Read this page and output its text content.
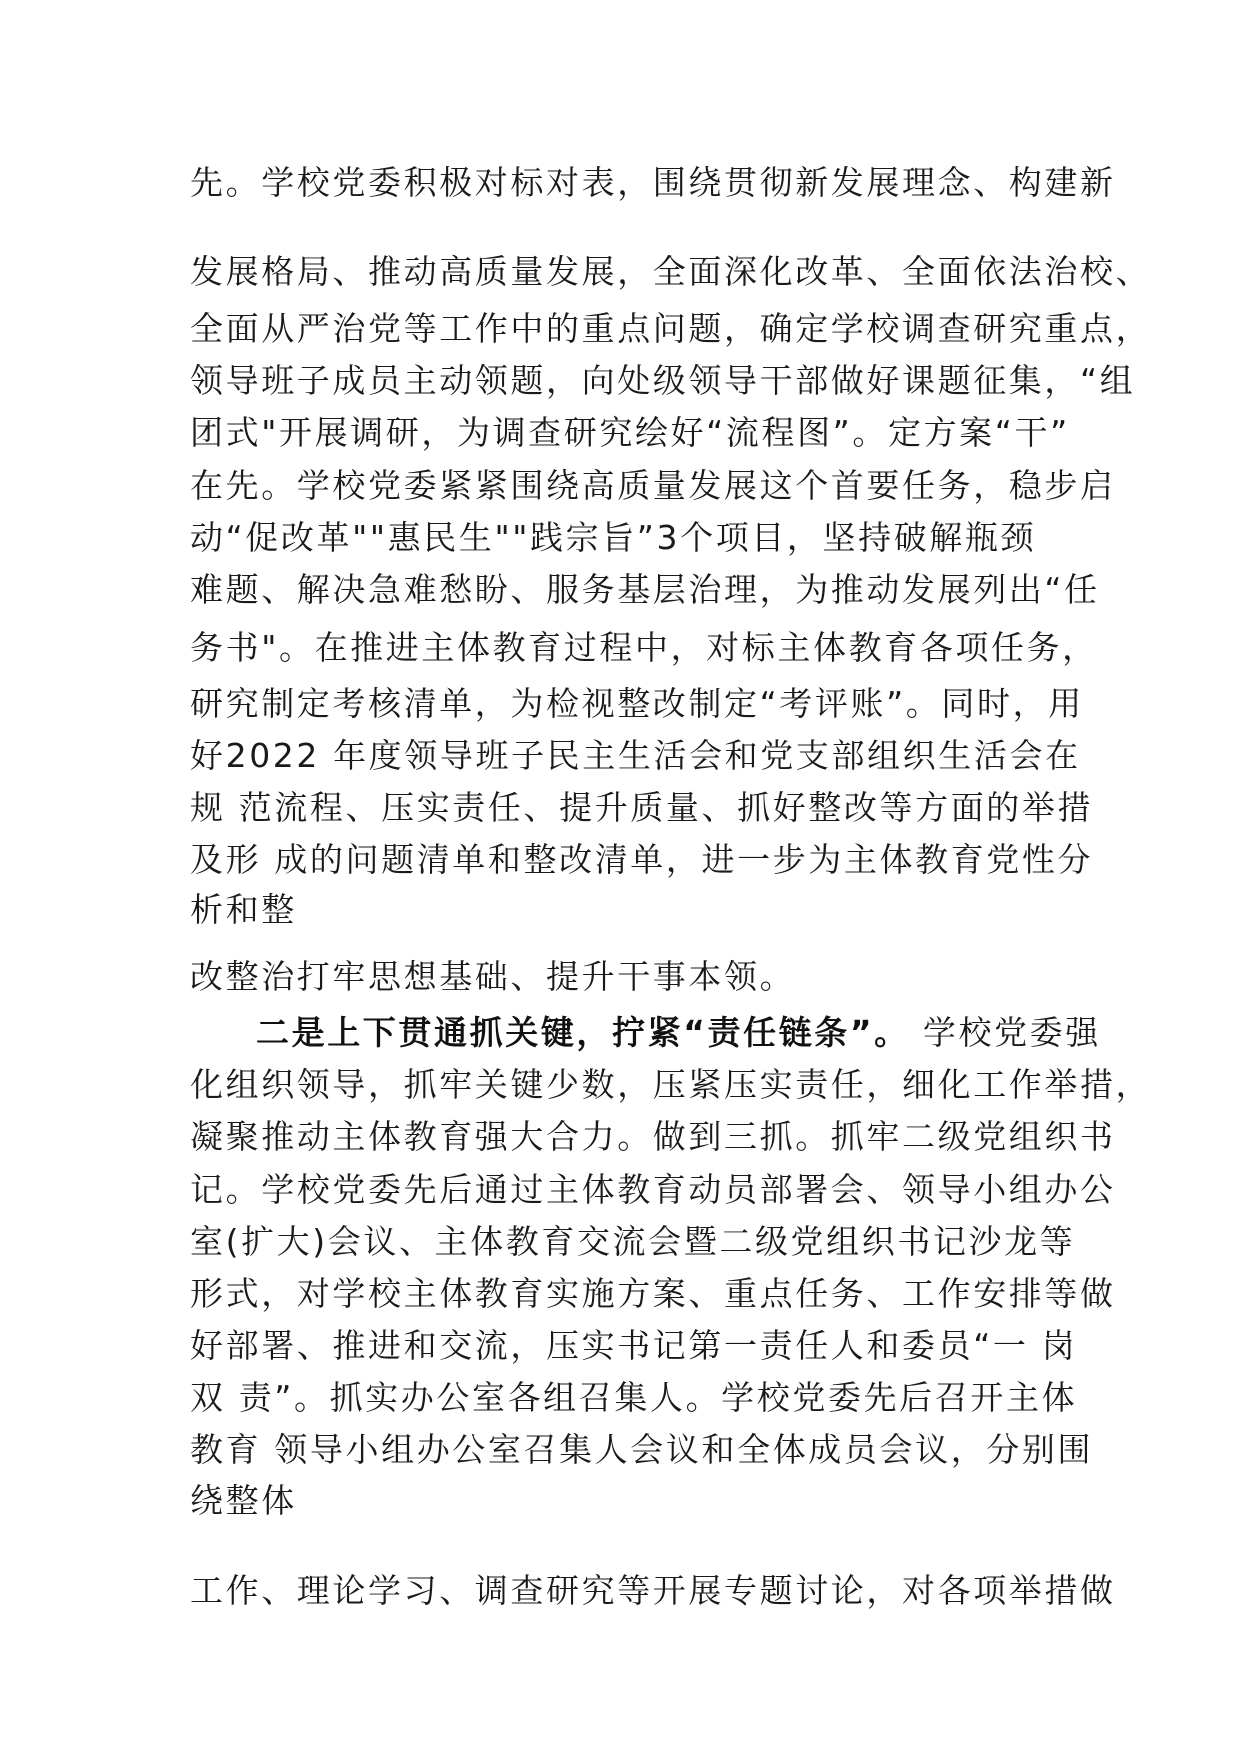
先。学校党委积极对标对表，围绕贯彻新发展理念、构建新
发展格局、推动高质量发展，全面深化改革、全面依法治校、
全面从严治党等工作中的重点问题，确定学校调查研究重点，
领导班子成员主动领题，向处级领导干部做好课题征集，“组
团式"开展调研，为调查研究绘好“流程图”。定方案“干”
在先。学校党委紧紧围绕高质量发展这个首要任务，稳步启
动“促改革""惠民生""践宗旨”3个项目，坚持破解瓶颈
难题、解决急难愁盼、服务基层治理，为推动发展列出“任
务书"。在推进主体教育过程中，对标主体教育各项任务，
研究制定考核清单，为检视整改制定“考评账”。同时，用
好2022 年度领导班子民主生活会和党支部组织生活会在
规 范流程、压实责任、提升质量、抓好整改等方面的举措
及形 成的问题清单和整改清单，进一步为主体教育党性分
析和整
改整治打牢思想基础、提升干事本领。
二是上下贯通抓关键，拧紧“责任链条”。 学校党委强
化组织领导，抓牢关键少数，压紧压实责任，细化工作举措，
凝聚推动主体教育强大合力。做到三抓。抓牢二级党组织书
记。学校党委先后通过主体教育动员部署会、领导小组办公
室(扩大)会议、主体教育交流会暨二级党组织书记沙龙等
形式，对学校主体教育实施方案、重点任务、工作安排等做
好部署、推进和交流，压实书记第一责任人和委员“一 岗
双 责”。抓实办公室各组召集人。学校党委先后召开主体
教育 领导小组办公室召集人会议和全体成员会议，分别围
绕整体
工作、理论学习、调查研究等开展专题讨论，对各项举措做
